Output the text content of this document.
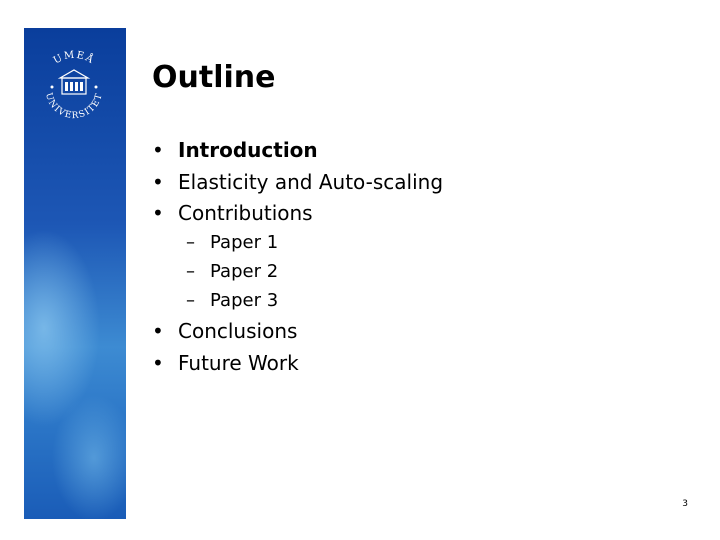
UMEÅ
UNIVERSITET
Outline
• Introduction
• Elasticity and Auto-scaling
• Contributions
– Paper 1
– Paper 2
– Paper 3
• Conclusions
• Future Work
3
